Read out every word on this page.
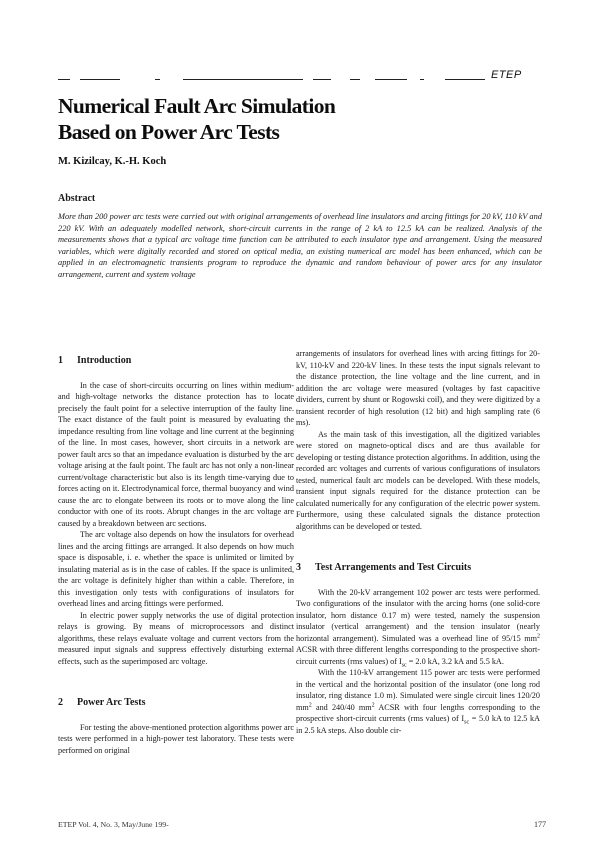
ETEP
Numerical Fault Arc Simulation
Based on Power Arc Tests
M. Kizilcay, K.-H. Koch
Abstract

More than 200 power arc tests were carried out with original arrangements of overhead line insulators and arcing fittings for 20 kV, 110 kV and 220 kV. With an adequately modelled network, short-circuit currents in the range of 2 kA to 12.5 kA can be realized. Analysis of the measurements shows that a typical arc voltage time function can be attributed to each insulator type and arrangement. Using the measured variables, which were digitally recorded and stored on optical media, an existing numerical arc model has been enhanced, which can be applied in an electromagnetic transients program to reproduce the dynamic and random behaviour of power arcs for any insulator arrangement, current and system voltage

1 Introduction

In the case of short-circuits occurring on lines within medium- and high-voltage networks the distance protection has to locate precisely the fault point for a selective interruption of the faulty line. The exact distance of the fault point is measured by evaluating the impedance resulting from line voltage and line current at the beginning of the line. In most cases, however, short circuits in a network are power fault arcs so that an impedance evaluation is disturbed by the arc voltage arising at the fault point. The fault arc has not only a non-linear current/voltage characteristic but also is its length time-varying due to forces acting on it. Electrodynamical force, thermal buoyancy and wind cause the arc to elongate between its roots or to move along the line conductor with one of its roots. Abrupt changes in the arc voltage are caused by a breakdown between arc sections.

The arc voltage also depends on how the insulators for overhead lines and the arcing fittings are arranged. It also depends on how much space is disposable, i. e. whether the space is unlimited or limited by insulating material as is in the case of cables. If the space is unlimited, the arc voltage is definitely higher than within a cable. Therefore, in this investigation only tests with configurations of insulators for overhead lines and arcing fittings were performed.

In electric power supply networks the use of digital protection relays is growing. By means of microprocessors and distinct algorithms, these relays evaluate voltage and current vectors from the measured input signals and suppress effectively disturbing external effects, such as the superimposed arc voltage.

2 Power Arc Tests

For testing the above-mentioned protection algorithms power arc tests were performed in a high-power test laboratory. These tests were performed on original

arrangements of insulators for overhead lines with arcing fittings for 20-kV, 110-kV and 220-kV lines. In these tests the input signals relevant to the distance protection, the line voltage and the line current, and in addition the arc voltage were measured (voltages by fast capacitive dividers, current by shunt or Rogowski coil), and they were digitized by a transient recorder of high resolution (12 bit) and high sampling rate (6 ms).

As the main task of this investigation, all the digitized variables were stored on magneto-optical discs and are thus available for developing or testing distance protection algorithms. In addition, using the recorded arc voltages and currents of various configurations of insulators tested, numerical fault arc models can be developed. With these models, transient input signals required for the distance protection can be calculated numerically for any configuration of the electric power system. Furthermore, using these calculated signals the distance protection algorithms can be developed or tested.

3 Test Arrangements and Test Circuits

With the 20-kV arrangement 102 power arc tests were performed. Two configurations of the insulator with the arcing horns (one solid-core insulator, horn distance 0.17 m) were tested, namely the suspension insulator (vertical arrangement) and the tension insulator (nearly horizontal arrangement). Simulated was a overhead line of 95/15 $mm^2$ ACSR with three different lengths corresponding to the prospective short-circuit currents (rms values) of $I_{sc} = 2.0$ kA, 3.2 kA and 5.5 kA.

With the 110-kV arrangement 115 power arc tests were performed in the vertical and the horizontal position of the insulator (one long rod insulator, ring distance 1.0 m). Simulated were single circuit lines 120/20 $mm^2$ and 240/40 $mm^2$ ACSR with four lengths corresponding to the prospective short-circuit currents (rms values) of $I_{sc} = 5.0$ kA to 12.5 kA in 2.5 kA steps. Also double cir-

ETEP Vol. 4, No. 3, May/June 199-	177
